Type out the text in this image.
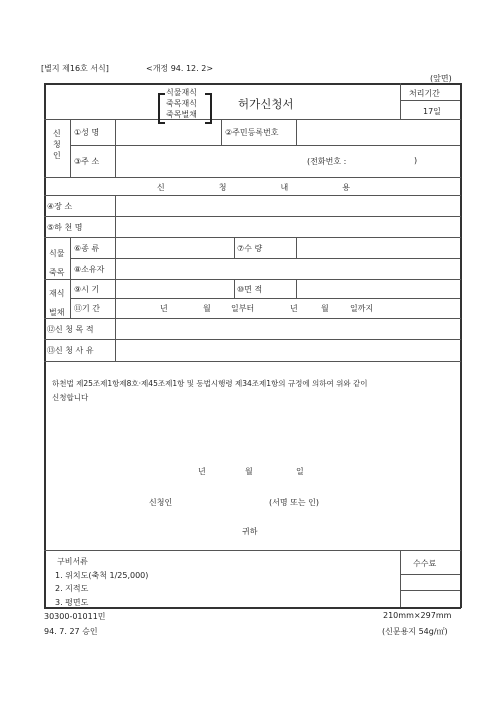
[별지 제16호 서식]	<개정 94. 12. 2>
(앞면)
식물재식
죽목재식
죽목벌채
허가신청서
처리기간
17일
신
청
인
①성 명	②주민등록번호
③주 소	(전화번호 :	)
신	청	내	용
④장 소
⑤하 천 명
식물
죽목
⑥종 류	⑦수 량
⑧소유자
재식
벌채
⑨시 기	⑩면 적
⑪기 간	년	월	일부터	년	월	일까지
⑫신 청 목 적
⑬신 청 사 유
하천법 제25조제1항제8호·제45조제1항 및 동법시행령 제34조제1항의 규정에 의하여 위와 같이
신청합니다
년	월	일
신청인	(서명 또는 인)
귀하
구비서류
1. 위치도(축척 1/25,000)
2. 지적도
3. 평면도
수수료
30300-01011민	210mm×297mm
94. 7. 27 승인	(신문용지 54g/㎡)
